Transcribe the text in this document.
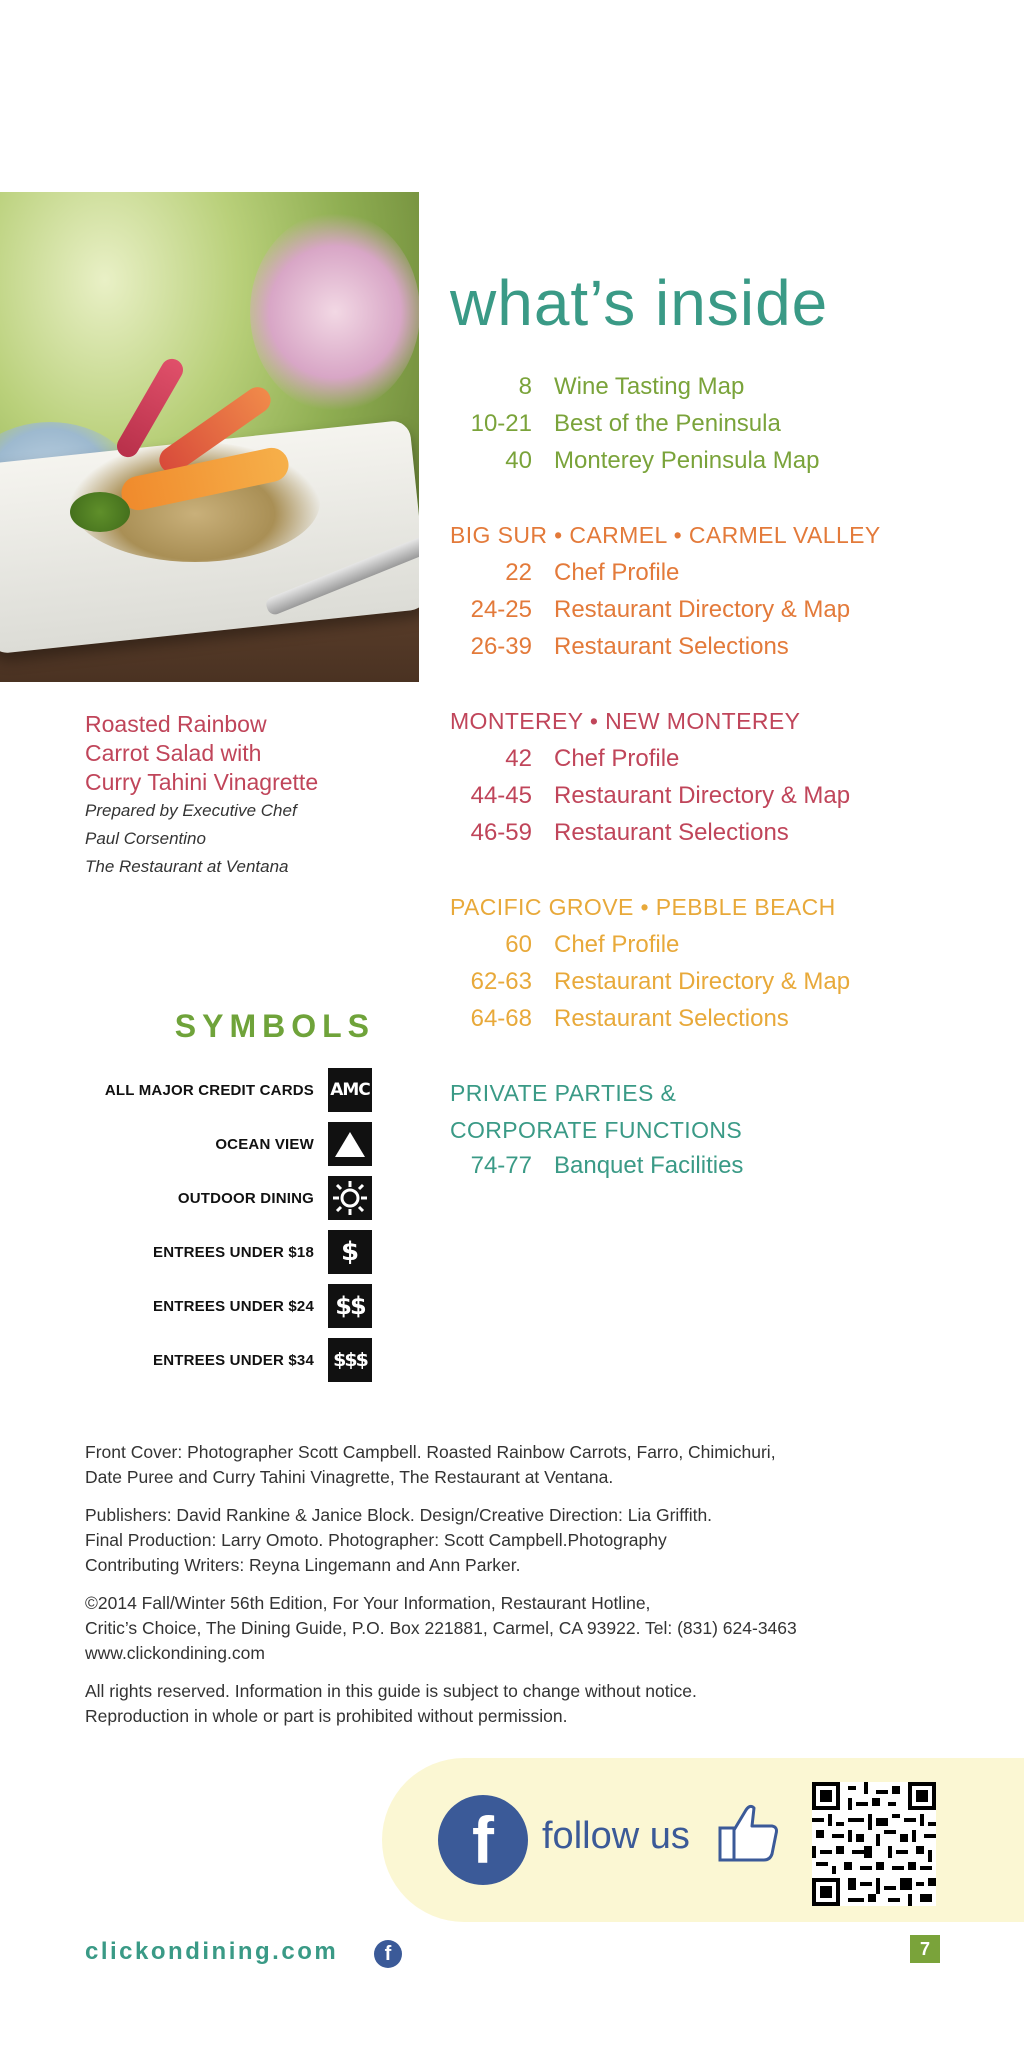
Roasted Rainbow

Carrot Salad with

Curry Tahini Vinagrette

Prepared by Executive Chef

Paul Corsentino

The Restaurant at Ventana

what’s inside
8 Wine Tasting Map
10-21 Best of the Peninsula
40 Monterey Peninsula Map
BIG SUR • CARMEL • CARMEL VALLEY
22 Chef Profile
24-25 Restaurant Directory & Map
26-39 Restaurant Selections
MONTEREY • NEW MONTEREY
42 Chef Profile
44-45 Restaurant Directory & Map
46-59 Restaurant Selections
PACIFIC GROVE • PEBBLE BEACH
60 Chef Profile
62-63 Restaurant Directory & Map
64-68 Restaurant Selections
PRIVATE PARTIES &
CORPORATE FUNCTIONS
74-77 Banquet Facilities
SYMBOLS
ALL MAJOR CREDIT CARDS AMC
OCEAN VIEW
OUTDOOR DINING
ENTREES UNDER $18	$
ENTREES UNDER $24 $$
ENTREES UNDER $34 $$$

Front Cover: Photographer Scott Campbell. Roasted Rainbow Carrots, Farro, Chimichuri,
Date Puree and Curry Tahini Vinagrette, The Restaurant at Ventana.

Publishers: David Rankine & Janice Block. Design/Creative Direction: Lia Griffith.
Final Production: Larry Omoto. Photographer: Scott Campbell.Photography
Contributing Writers: Reyna Lingemann and Ann Parker.

©2014 Fall/Winter 56th Edition, For Your Information, Restaurant Hotline,
Critic’s Choice, The Dining Guide, P.O. Box 221881, Carmel, CA 93922. Tel: (831) 624-3463
www.clickondining.com

All rights reserved. Information in this guide is subject to change without notice.
Reproduction in whole or part is prohibited without permission.

f	follow us
clickondining.com	f	7
